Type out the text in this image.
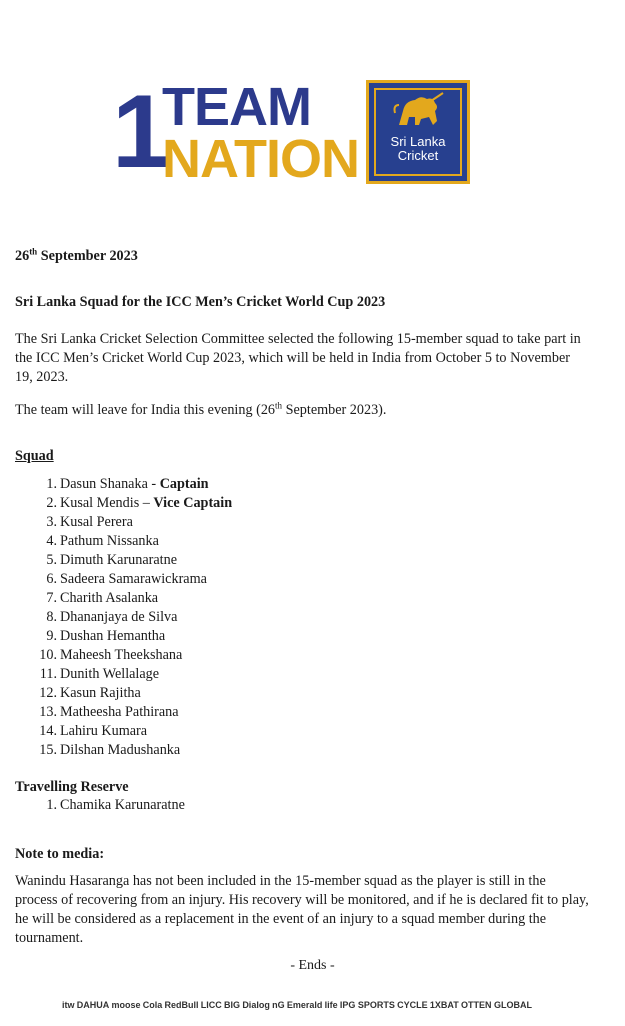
1
TEAM
NATION	Sri Lanka
Cricket
26th September 2023
Sri Lanka Squad for the ICC Men’s Cricket World Cup 2023
The Sri Lanka Cricket Selection Committee selected the following 15-member squad to take part in the ICC Men’s Cricket World Cup 2023, which will be held in India from October 5 to November 19, 2023.
The team will leave for India this evening (26th September 2023).
Squad
1. Dasun Shanaka - Captain
2. Kusal Mendis – Vice Captain
3. Kusal Perera
4. Pathum Nissanka
5. Dimuth Karunaratne
6. Sadeera Samarawickrama
7. Charith Asalanka
8. Dhananjaya de Silva
9. Dushan Hemantha
10. Maheesh Theekshana
11. Dunith Wellalage
12. Kasun Rajitha
13. Matheesha Pathirana
14. Lahiru Kumara
15. Dilshan Madushanka
Travelling Reserve
1. Chamika Karunaratne
Note to media:
Wanindu Hasaranga has not been included in the 15-member squad as the player is still in the process of recovering from an injury. His recovery will be monitored, and if he is declared fit to play, he will be considered as a replacement in the event of an injury to a squad member during the tournament.
- Ends -
itw DAHUA moose Cola RedBull LICC BIG Dialog nG Emerald life IPG SPORTS CYCLE 1XBAT OTTEN GLOBAL
